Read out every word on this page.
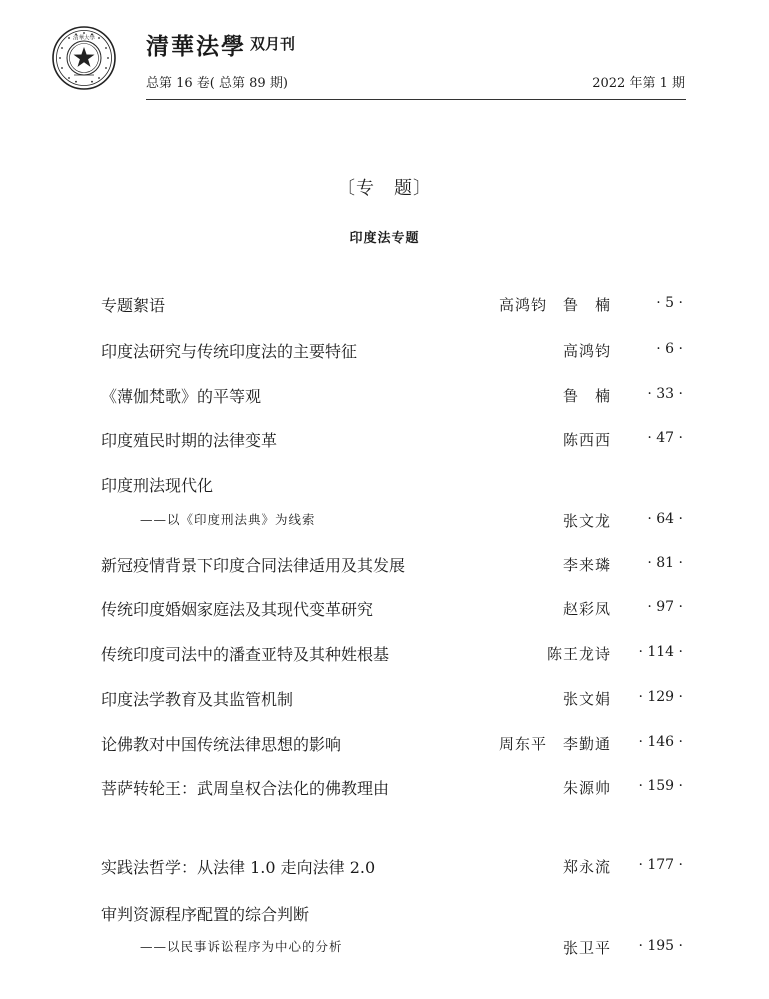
清華大學 清華法學 双月刊
总第 16 卷( 总第 89 期)	2022 年第 1 期
〔专　题〕
印度法专题
专题絮语	高鸿钧　鲁　楠	· 5 ·
印度法研究与传统印度法的主要特征	高鸿钧	· 6 ·
《薄伽梵歌》的平等观	鲁　楠	· 33 ·
印度殖民时期的法律变革	陈西西	· 47 ·
印度刑法现代化
——以《印度刑法典》为线索	张文龙	· 64 ·
新冠疫情背景下印度合同法律适用及其发展	李来璘	· 81 ·
传统印度婚姻家庭法及其现代变革研究	赵彩凤	· 97 ·
传统印度司法中的潘查亚特及其种姓根基	陈王龙诗 · 114 ·
印度法学教育及其监管机制	张文娟 · 129 ·
论佛教对中国传统法律思想的影响	周东平　李勤通 · 146 ·
菩萨转轮王：武周皇权合法化的佛教理由	朱源帅 · 159 ·
实践法哲学：从法律 1.0 走向法律 2.0	郑永流 · 177 ·
审判资源程序配置的综合判断
——以民事诉讼程序为中心的分析	张卫平 · 195 ·
